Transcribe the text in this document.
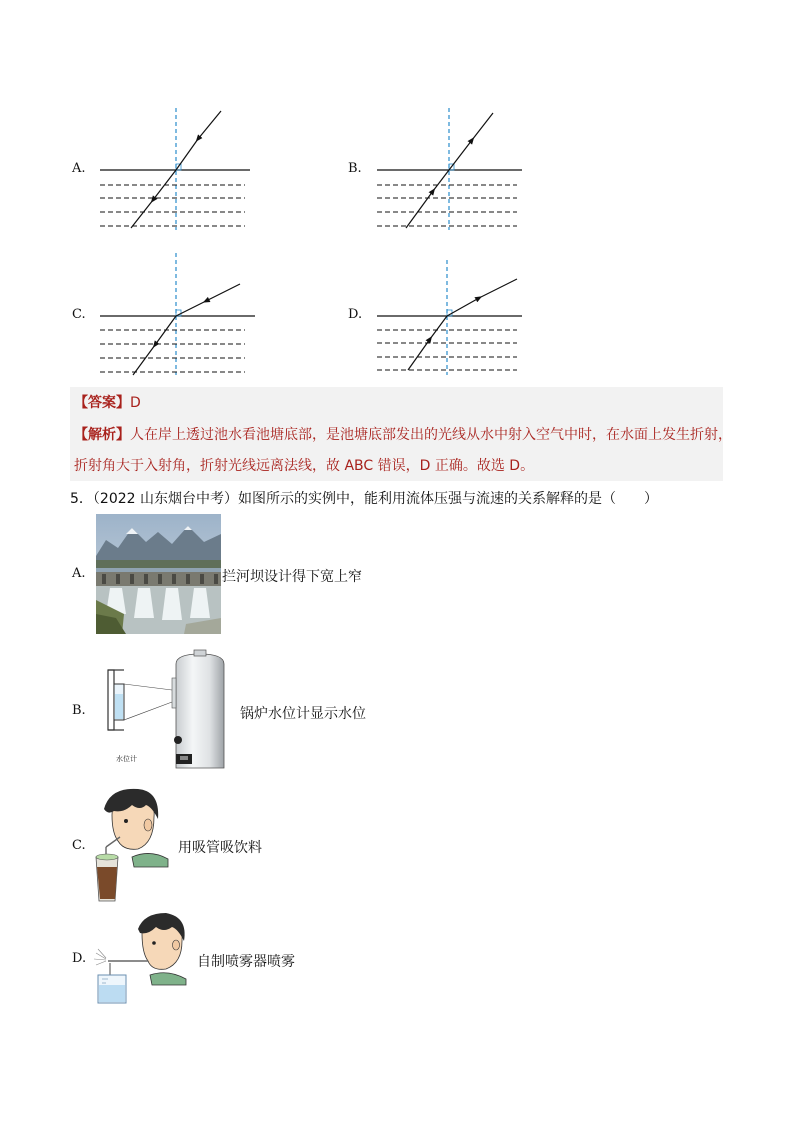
A.	B.
C.	D.
【答案】D
【解析】人在岸上透过池水看池塘底部，是池塘底部发出的光线从水中射入空气中时，在水面上发生折射，
折射角大于入射角，折射光线远离法线，故 ABC 错误，D 正确。故选 D。
5．（2022 山东烟台中考）如图所示的实例中，能利用流体压强与流速的关系解释的是（　　）
A.	拦河坝设计得下宽上窄
B.
水位计
锅炉水位计显示水位
C.	用吸管吸饮料
D.	自制喷雾器喷雾
